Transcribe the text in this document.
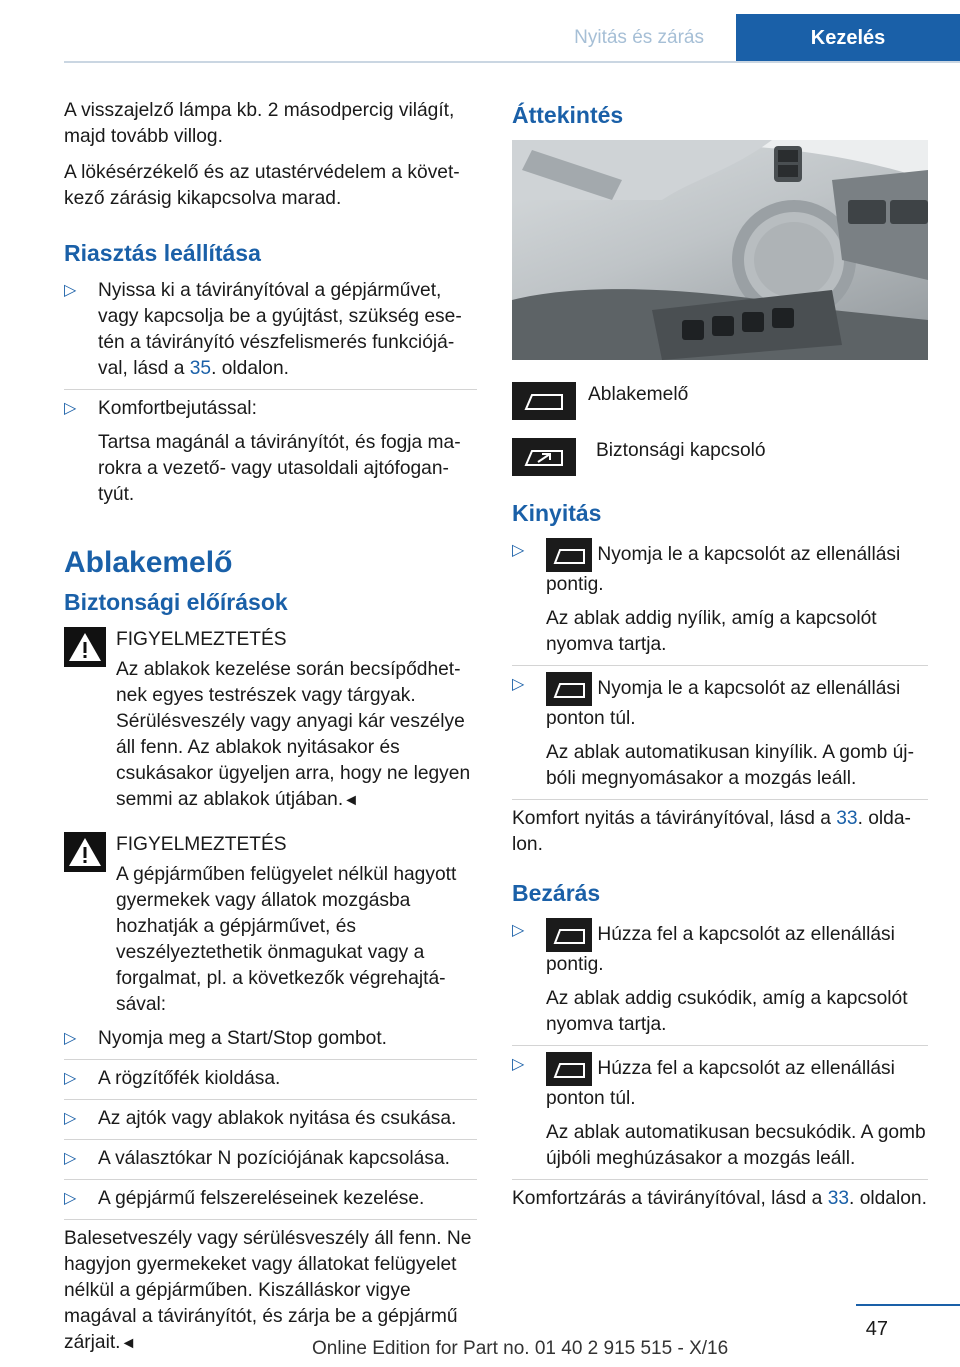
Nyitás és zárás	Kezelés

A visszajelző lámpa kb. 2 másodpercig világít, majd tovább villog.

A lökésérzékelő és az utastérvédelem a következő zárásig kikapcsolva marad.

Riasztás leállítása
▷ Nyissa ki a távirányítóval a gépjárművet, vagy kapcsolja be a gyújtást, szükség esetén a távirányító vészfelismerés funkciójával, lásd a 35. oldalon.
▷ Komfortbejutással:
Tartsa magánál a távirányítót, és fogja marokra a vezető- vagy utasoldali ajtófogantyút.
Ablakemelő
Biztonsági előírások
FIGYELMEZTETÉS
Az ablakok kezelése során becsípődhetnek egyes testrészek vagy tárgyak. Sérülésveszély vagy anyagi kár veszélye áll fenn. Az ablakok nyitásakor és csukásakor ügyeljen arra, hogy ne legyen semmi az ablakok útjában.◄
FIGYELMEZTETÉS
A gépjárműben felügyelet nélkül hagyott gyermekek vagy állatok mozgásba hozhatják a gépjárművet, és veszélyeztethetik önmagukat vagy a forgalmat, pl. a következők végrehajtásával:
▷ Nyomja meg a Start/Stop gombot.
▷ A rögzítőfék kioldása.
▷ Az ajtók vagy ablakok nyitása és csukása.
▷ A választókar N pozíciójának kapcsolása.
▷ A gépjármű felszereléseinek kezelése.

Balesetveszély vagy sérülésveszély áll fenn. Ne hagyjon gyermekeket vagy állatokat felügyelet nélkül a gépjárműben. Kiszálláskor vigye magával a távirányítót, és zárja be a gépjármű zárjait.◄

Áttekintés
Ablakemelő
Biztonsági kapcsoló
Kinyitás
▷	Nyomja le a kapcsolót az ellenállási pontig.
Az ablak addig nyílik, amíg a kapcsolót nyomva tartja.
▷	Nyomja le a kapcsolót az ellenállási ponton túl.
Az ablak automatikusan kinyílik. A gomb újbóli megnyomásakor a mozgás leáll.

Komfort nyitás a távirányítóval, lásd a 33. oldalon.

Bezárás
▷	Húzza fel a kapcsolót az ellenállási pontig.
Az ablak addig csukódik, amíg a kapcsolót nyomva tartja.
▷	Húzza fel a kapcsolót az ellenállási ponton túl.
Az ablak automatikusan becsukódik. A gomb újbóli meghúzásakor a mozgás leáll.

Komfortzárás a távirányítóval, lásd a 33. oldalon.

47
Online Edition for Part no. 01 40 2 915 515 - X/16
